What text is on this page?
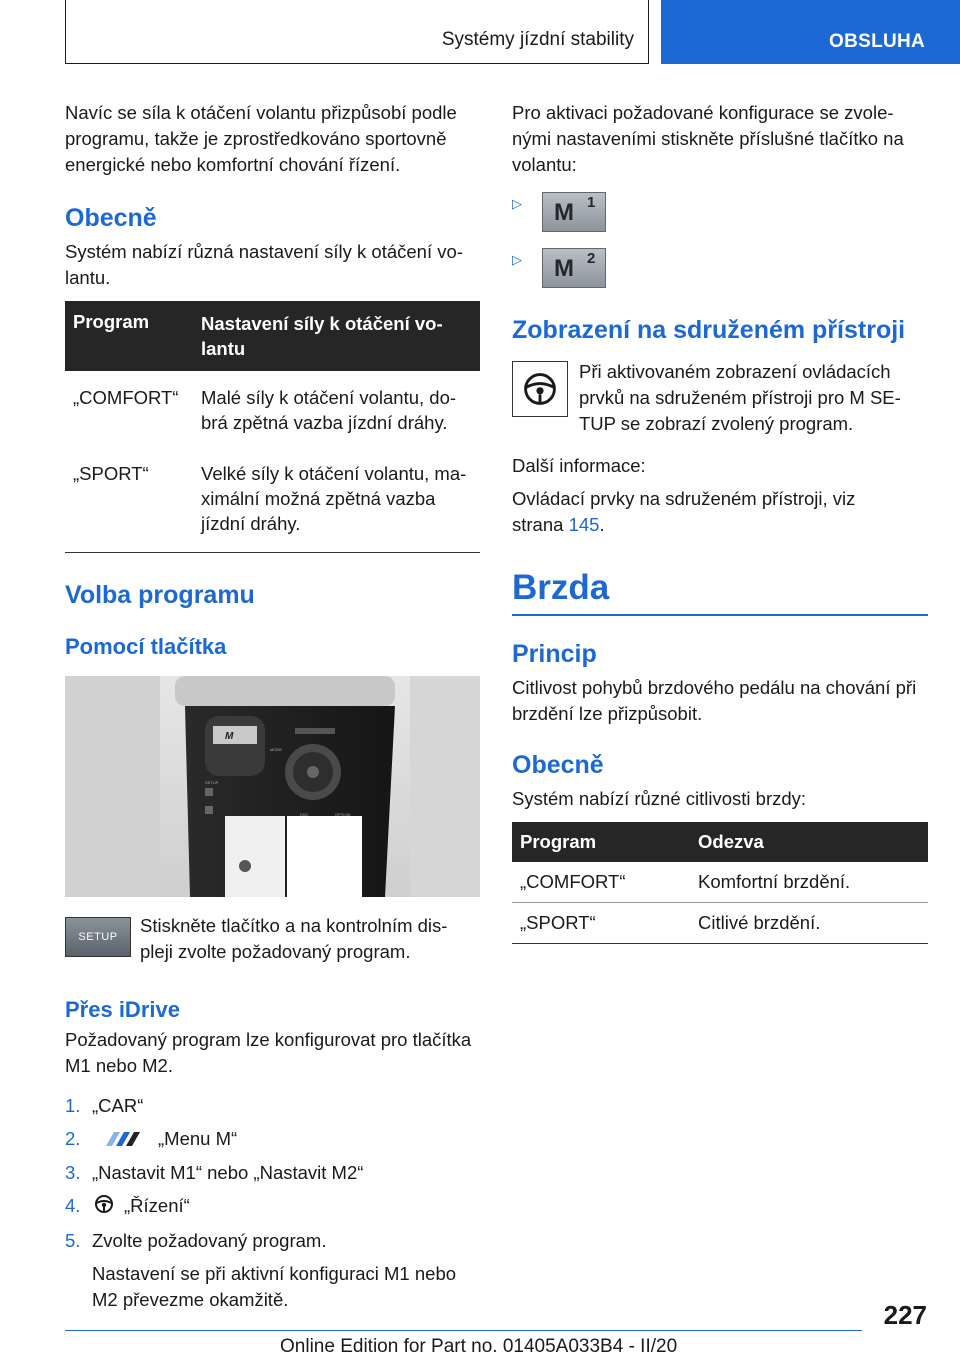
Systémy jízdní stability	OBSLUHA

Navíc se síla k otáčení volantu přizpůsobí podle programu, takže je zprostředkováno sportovně energické nebo komfortní chování řízení.

Obecně

Systém nabízí různá nastavení síly k otáčení vo-lantu.

Program	Nastavení síly k otáčení vo-lantu
„COMFORT“	Malé síly k otáčení volantu, do-brá zpětná vazba jízdní dráhy.
„SPORT“	Velké síly k otáčení volantu, ma-ximální možná zpětná vazba jízdní dráhy.
Volba programu
Pomocí tlačítka
MODE
SETUP
DSC	OPTION
M
SETUP

Stiskněte tlačítko a na kontrolním dis-pleji zvolte požadovaný program.

Přes iDrive

Požadovaný program lze konfigurovat pro tlačítka M1 nebo M2.

1. „CAR“
2.	„Menu M“
3. „Nastavit M1“ nebo „Nastavit M2“
4. „Řízení“
5. Zvolte požadovaný program.
Nastavení se při aktivní konfiguraci M1 nebo M2 převezme okamžitě.

Pro aktivaci požadované konfigurace se zvole-nými nastaveními stiskněte příslušné tlačítko na volantu:

▷	M 1
▷	M 2
Zobrazení na sdruženém přístroji

Při aktivovaném zobrazení ovládacích prvků na sdruženém přístroji pro M SE-TUP se zobrazí zvolený program.

Další informace:

Ovládací prvky na sdruženém přístroji, viz strana 145.

Brzda
Princip

Citlivost pohybů brzdového pedálu na chování při brzdění lze přizpůsobit.

Obecně

Systém nabízí různé citlivosti brzdy:

Program	Odezva
„COMFORT“	Komfortní brzdění.
„SPORT“	Citlivé brzdění.
227
Online Edition for Part no. 01405A033B4 - II/20
